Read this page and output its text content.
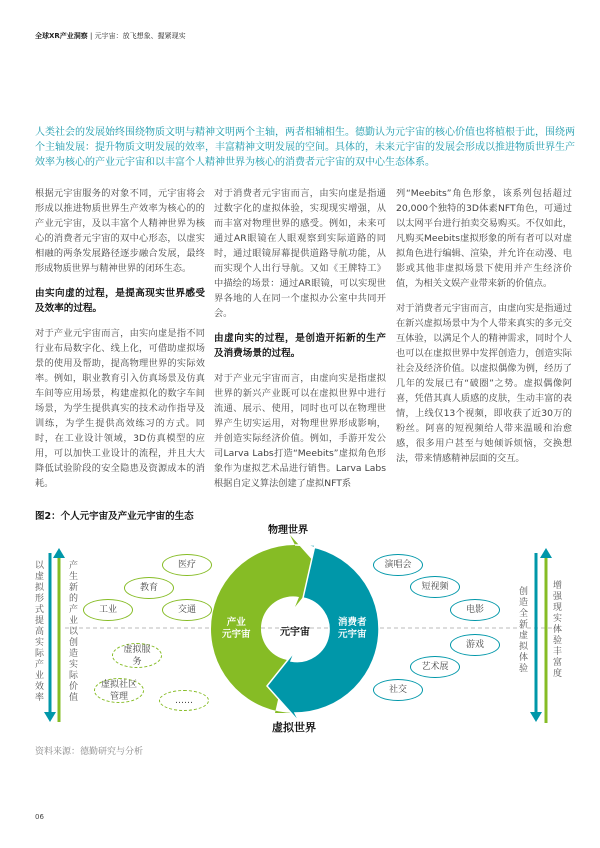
全球XR产业洞察 | 元宇宙：放飞想象、握紧现实
人类社会的发展始终围绕物质文明与精神文明两个主轴，两者相辅相生。德勤认为元宇宙的核心价值也将植根于此，围绕两个主轴发展：提升物质文明发展的效率，丰富精神文明发展的空间。具体的，未来元宇宙的发展会形成以推进物质世界生产效率为核心的产业元宇宙和以丰富个人精神世界为核心的消费者元宇宙的双中心生态体系。

根据元宇宙服务的对象不同，元宇宙将会形成以推进物质世界生产效率为核心的的产业元宇宙，及以丰富个人精神世界为核心的消费者元宇宙的双中心形态，以虚实相融的两条发展路径逐步融合发展，最终形成物质世界与精神世界的闭环生态。

由实向虚的过程，是提高现实世界感受及效率的过程。

对于产业元宇宙而言，由实向虚是指不同行业布局数字化、线上化，可借助虚拟场景的使用及帮助，提高物理世界的实际效率。例如，职业教育引入仿真场景及仿真车间等应用场景，构建虚拟化的数字车间场景，为学生提供真实的技术动作指导及训练，为学生提供高效练习的方式。同时，在工业设计领域，3D仿真模型的应用，可以加快工业设计的流程，并且大大降低试验阶段的安全隐患及资源成本的消耗。

对于消费者元宇宙而言，由实向虚是指通过数字化的虚拟体验，实现现实增强，从而丰富对物理世界的感受。例如，未来可通过AR眼镜在人眼观察到实际道路的同时，通过眼镜屏幕提供道路导航功能，从而实现个人出行导航。又如《王牌特工》中描绘的场景：通过AR眼镜，可以实现世界各地的人在同一个虚拟办公室中共同开会。

由虚向实的过程，是创造开拓新的生产及消费场景的过程。

对于产业元宇宙而言，由虚向实是指虚拟世界的新兴产业既可以在虚拟世界中进行流通、展示、使用，同时也可以在物理世界产生切实运用，对物理世界形成影响，并创造实际经济价值。例如，手游开发公司Larva Labs打造“Meebits”虚拟角色形象作为虚拟艺术品进行销售。Larva Labs根据自定义算法创建了虚拟NFT系

列“Meebits”角色形象，该系列包括超过20,000个独特的3D体素NFT角色，可通过以太网平台进行拍卖交易购买。不仅如此，凡购买Meebits虚拟形象的所有者可以对虚拟角色进行编辑、渲染，并允许在动漫、电影或其他非虚拟场景下使用并产生经济价值，为相关文娱产业带来新的价值点。

对于消费者元宇宙而言，由虚向实是指通过在新兴虚拟场景中为个人带来真实的多元交互体验，以满足个人的精神需求，同时个人也可以在虚拟世界中发挥创造力，创造实际社会及经济价值。以虚拟偶像为例，经历了几年的发展已有“破圈”之势。虚拟偶像阿喜，凭借其真人质感的皮肤，生动丰富的表情，上线仅13个视频，即收获了近30万的粉丝。阿喜的短视频给人带来温暖和治愈感，很多用户甚至与她倾诉烦恼，交换想法，带来情感精神层面的交互。

图2：个人元宇宙及产业元宇宙的生态
物理世界
虚拟世界
元宇宙
产业
元宇宙
消费者
元宇宙
以虚拟形式提高实际产业效率	产生新的产业以创造实际价值	创造全新虚拟体验	增强现实体验丰富度
医疗
教育
工业	交通
虚拟服务
虚拟社区管理	……
演唱会
短视频
电影
游戏
艺术展
社交
资料来源：德勤研究与分析
06
